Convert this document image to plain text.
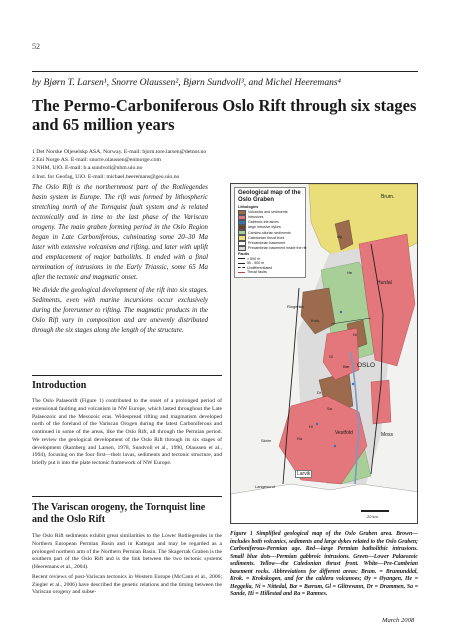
52
by Bjørn T. Larsen¹, Snorre Olaussen², Bjørn Sundvoll³, and Michel Heeremans⁴
The Permo-Carboniferous Oslo Rift through six stages and 65 million years
1 Det Norske Oljeselskp ASA, Norway. E-mail: bjorn.tore.larsen@detnor.no
2 Eni Norge AS. E-mail: snorre.olaussen@eninorge.com
3 NHM, UiO. E-mail: b.a.sundvoll@nhm.uio.no
4 Inst. for Geofag, UiO. E-mail: michael.heeremans@geo.uio.no

The Oslo Rift is the northernmost part of the Rotliegendes basin system in Europe. The rift was formed by lithospheric stretching north of the Tornquist fault system and is related tectonically and in time to the last phase of the Variscan orogeny. The main graben forming period in the Oslo Region began in Late Carboniferous, culminating some 20–30 Ma later with extensive volcanism and rifting, and later with uplift and emplacement of major batholiths. It ended with a final termination of intrusions in the Early Triassic, some 65 Ma after the tectonic and magmatic onset.

We divide the geological development of the rift into six stages. Sediments, even with marine incursions occur exclusively during the forerunner to rifting. The magmatic products in the Oslo Rift vary in composition and are unevenly distributed through the six stages along the length of the structure.

Introduction

The Oslo Palaeorift (Figure 1) contributed to the onset of a prolonged period of extensional faulting and volcanism in NW Europe, which lasted throughout the Late Palaeozoic and the Mesozoic eras. Widespread rifting and magmatism developed north of the foreland of the Variscan Orogen during the latest Carboniferous and continued in some of the areas, like the Oslo Rift, all through the Permian period. We review the geological development of the Oslo Rift through its six stages of development (Ramberg and Larsen, 1978, Sundvoll et al., 1990, Olaussen et al., 1994), focusing on the four first—their lavas, sediments and tectonic structure, and briefly put it into the plate tectonic framework of NW Europe.

The Variscan orogeny, the Tornquist line and the Oslo Rift

The Oslo Rift sediments exhibit great similarities to the Lower Rotliegendes in the Northern European Permian Basin and in Kattegat and may be regarded as a prolonged northern arm of the Northern Permian Basin. The Skagerrak Graben is the southern part of the Oslo Rift and is the link between the two tectonic systems (Heeremans et al., 2004).

Recent reviews of post-Variscan tectonics in Western Europe (McCann et al., 2006; Ziegler et al., 2006) have described the genetic relations and the timing between the Variscan orogeny and subse-

Geological map of the Oslo Graben
Lithologies
Volcanics and sediments
Intrusives
Gabbroic intrusives
large intrusive dykes
Cambro-silurian sediments
Caledonian thrust front
Precambrian basement
Precambrian basement inside the rift
Faults
> 500 m
50 - 500 m
Undifferentiated
Thrust faults
Brum.
Øy
He
Hurdal
Ringerike
Krok.
Ni
Gl
Bæ OSLO
Dr
Sa
Hi
Ra
Vestfold	Moss
Skrim
Larvik
Langesund
20 km
Figure 1 Simplified geological map of the Oslo Graben area. Brown—includes both volcanics, sediments and large dykes related to the Oslo Graben; Carboniferous-Permian age. Red—large Permian batholithic intrusions. Small blue dots—Permian gabbroic intrusions. Green—Lower Palaeozoic sediments. Yellow—the Caledonian thrust front. White—Pre-Cambrian basement rocks. Abbreviations for different areas: Brum. = Brumunddal, Krok. = Krokskogen, and for the caldera volcanoes; Øy = Øyangen, He = Heggelia, Ni = Nittedal, Bæ = Bærum, Gl = Glitrevann, Dr = Drammen, Sa = Sande, Hi = Hillestad and Ra = Ramnes.
March 2008
